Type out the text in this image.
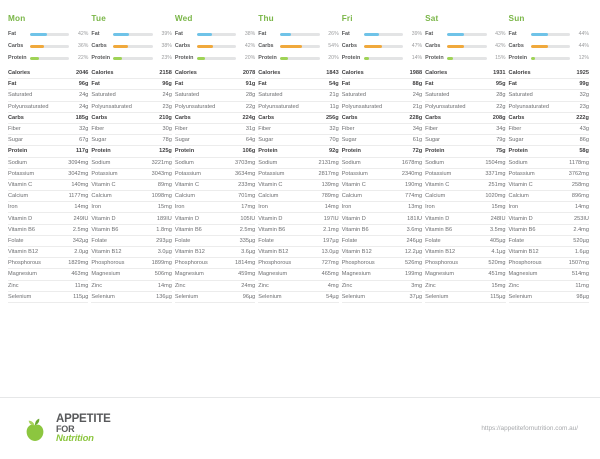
Mon
Fat	42%
Carbs	36%
Protein	22%
Calories	2046
Fat	96g
Saturated	24g
Polyunsaturated	24g
Carbs	185g
Fiber	32g
Sugar	67g
Protein	117g
Sodium	3094mg
Potassium	3042mg
Vitamin C	140mg
Calcium	1177mg
Iron	14mg
Vitamin D	249IU
Vitamin B6	2.5mg
Folate	342µg
Vitamin B12	2.0µg
Phosphorous	1829mg
Magnesium	463mg
Zinc	11mg
Selenium	115µg
Tue
Fat	39%
Carbs	38%
Protein	23%
Calories	2158
Fat	96g
Saturated	24g
Polyunsaturated	23g
Carbs	210g
Fiber	30g
Sugar	78g
Protein	125g
Sodium	3221mg
Potassium	3043mg
Vitamin C	89mg
Calcium	1098mg
Iron	15mg
Vitamin D	189IU
Vitamin B6	1.8mg
Folate	293µg
Vitamin B12	3.0µg
Phosphorous	1899mg
Magnesium	506mg
Zinc	14mg
Selenium	136µg
Wed
Fat	38%
Carbs	42%
Protein	20%
Calories	2078
Fat	91g
Saturated	28g
Polyunsaturated	22g
Carbs	224g
Fiber	31g
Sugar	64g
Protein	106g
Sodium	3703mg
Potassium	3634mg
Vitamin C	233mg
Calcium	701mg
Iron	17mg
Vitamin D	105IU
Vitamin B6	2.5mg
Folate	335µg
Vitamin B12	3.6µg
Phosphorous	1814mg
Magnesium	459mg
Zinc	24mg
Selenium	96µg
Thu
Fat	26%
Carbs	54%
Protein	20%
Calories	1843
Fat	54g
Saturated	21g
Polyunsaturated	11g
Carbs	256g
Fiber	32g
Sugar	70g
Protein	92g
Sodium	2131mg
Potassium	2817mg
Vitamin C	139mg
Calcium	789mg
Iron	14mg
Vitamin D	197IU
Vitamin B6	2.1mg
Folate	197µg
Vitamin B12	13.0µg
Phosphorous	727mg
Magnesium	465mg
Zinc	4mg
Selenium	54µg
Fri
Fat	39%
Carbs	47%
Protein	14%
Calories	1988
Fat	88g
Saturated	24g
Polyunsaturated	21g
Carbs	228g
Fiber	34g
Sugar	61g
Protein	72g
Sodium	1678mg
Potassium	2340mg
Vitamin C	190mg
Calcium	774mg
Iron	13mg
Vitamin D	181IU
Vitamin B6	3.6mg
Folate	246µg
Vitamin B12	12.2µg
Phosphorous	526mg
Magnesium	199mg
Zinc	3mg
Selenium	37µg
Sat
Fat	43%
Carbs	42%
Protein	15%
Calories	1931
Fat	95g
Saturated	28g
Polyunsaturated	22g
Carbs	208g
Fiber	34g
Sugar	79g
Protein	75g
Sodium	1504mg
Potassium	3371mg
Vitamin C	251mg
Calcium	1020mg
Iron	15mg
Vitamin D	248IU
Vitamin B6	3.5mg
Folate	405µg
Vitamin B12	4.1µg
Phosphorous	520mg
Magnesium	451mg
Zinc	15mg
Selenium	115µg
Sun
Fat	44%
Carbs	44%
Protein	12%
Calories	1925
Fat	99g
Saturated	32g
Polyunsaturated	23g
Carbs	222g
Fiber	43g
Sugar	86g
Protein	58g
Sodium	1178mg
Potassium	3762mg
Vitamin C	258mg
Calcium	896mg
Iron	14mg
Vitamin D	253IU
Vitamin B6	2.4mg
Folate	520µg
Vitamin B12	1.6µg
Phosphorous	1507mg
Magnesium	514mg
Zinc	11mg
Selenium	98µg
APPETITE
FOR
Nutrition
https://appetitefornutrition.com.au/
